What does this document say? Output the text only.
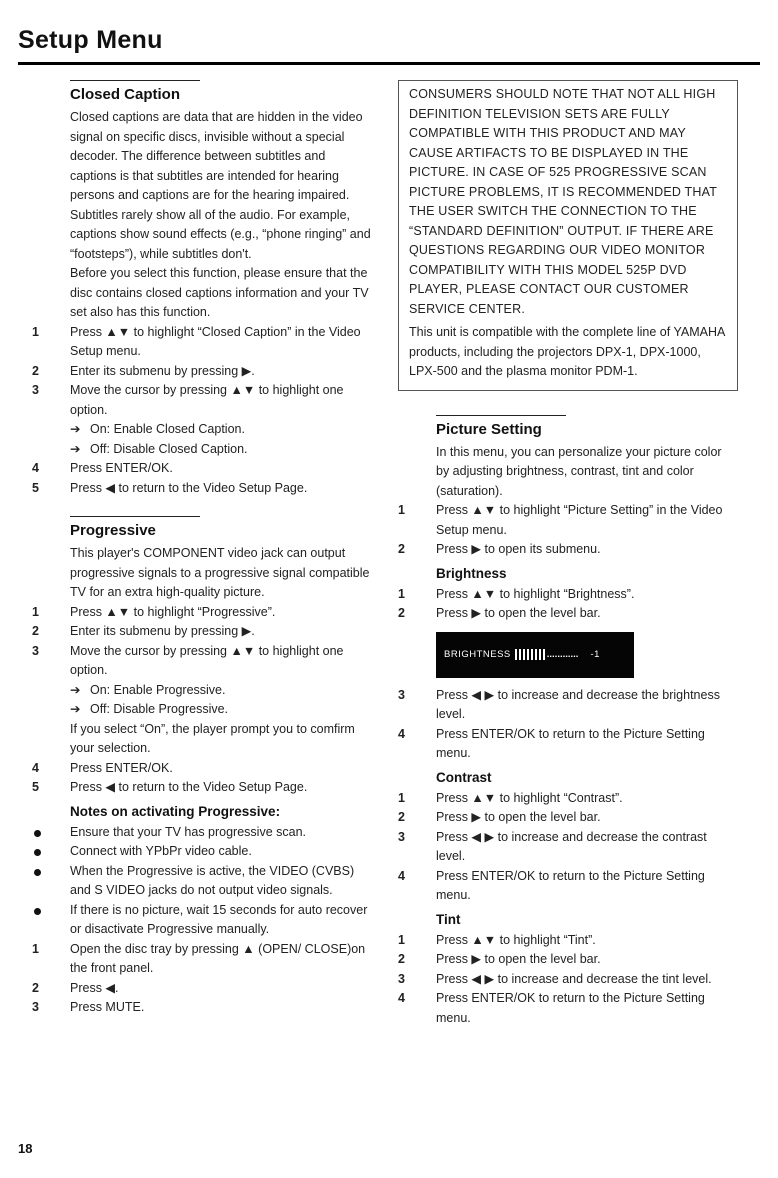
Setup Menu
Closed Caption

Closed captions are data that are hidden in the video signal on specific discs, invisible without a special decoder. The difference between subtitles and captions is that subtitles are intended for hearing persons and captions are for the hearing impaired. Subtitles rarely show all of the audio. For example, captions show sound effects (e.g., “phone ringing” and “footsteps”), while subtitles don't.

Before you select this function, please ensure that the disc contains closed captions information and your TV set also has this function.

1	Press ▲▼ to highlight “Closed Caption” in the Video Setup menu.
2	Enter its submenu by pressing ▶.
3	Move the cursor by pressing ▲▼ to highlight one option.
➔ On: Enable Closed Caption.
➔ Off: Disable Closed Caption.
4	Press ENTER/OK.
5	Press ◀ to return to the Video Setup Page.
Progressive

This player's COMPONENT video jack can output progressive signals to a progressive signal compatible TV for an extra high-quality picture.

1	Press ▲▼ to highlight “Progressive”.
2	Enter its submenu by pressing ▶.
3	Move the cursor by pressing ▲▼ to highlight one option.
➔ On: Enable Progressive.
➔ Off: Disable Progressive.
If you select “On”, the player prompt you to comfirm your selection.
4	Press ENTER/OK.
5	Press ◀ to return to the Video Setup Page.
Notes on activating Progressive:
Ensure that your TV has progressive scan.
Connect with YPbPr video cable.
When the Progressive is active, the VIDEO (CVBS) and S VIDEO jacks do not output video signals.
If there is no picture, wait 15 seconds for auto recover or disactivate Progressive manually.
1	Open the disc tray by pressing ▲ (OPEN/ CLOSE)on the front panel.
2	Press ◀.
3	Press MUTE.
CONSUMERS SHOULD NOTE THAT NOT ALL HIGH DEFINITION TELEVISION SETS ARE FULLY COMPATIBLE WITH THIS PRODUCT AND MAY CAUSE ARTIFACTS TO BE DISPLAYED IN THE PICTURE. IN CASE OF 525 PROGRESSIVE SCAN PICTURE PROBLEMS, IT IS RECOMMENDED THAT THE USER SWITCH THE CONNECTION TO THE “STANDARD DEFINITION” OUTPUT. IF THERE ARE QUESTIONS REGARDING OUR VIDEO MONITOR COMPATIBILITY WITH THIS MODEL 525P DVD PLAYER, PLEASE CONTACT OUR CUSTOMER SERVICE CENTER.
This unit is compatible with the complete line of YAMAHA products, including the projectors DPX-1, DPX-1000, LPX-500 and the plasma monitor PDM-1.
Picture Setting

In this menu, you can personalize your picture color by adjusting brightness, contrast, tint and color (saturation).

1	Press ▲▼ to highlight “Picture Setting” in the Video Setup menu.
2	Press ▶ to open its submenu.
Brightness
1	Press ▲▼ to highlight “Brightness”.
2	Press ▶ to open the level bar.
BRIGHTNESS	............ -1
3	Press ◀ ▶ to increase and decrease the brightness level.
4	Press ENTER/OK to return to the Picture Setting menu.
Contrast
1	Press ▲▼ to highlight “Contrast”.
2	Press ▶ to open the level bar.
3	Press ◀ ▶ to increase and decrease the contrast level.
4	Press ENTER/OK to return to the Picture Setting menu.
Tint
1	Press ▲▼ to highlight “Tint”.
2	Press ▶ to open the level bar.
3	Press ◀ ▶ to increase and decrease the tint level.
4	Press ENTER/OK to return to the Picture Setting menu.
18
